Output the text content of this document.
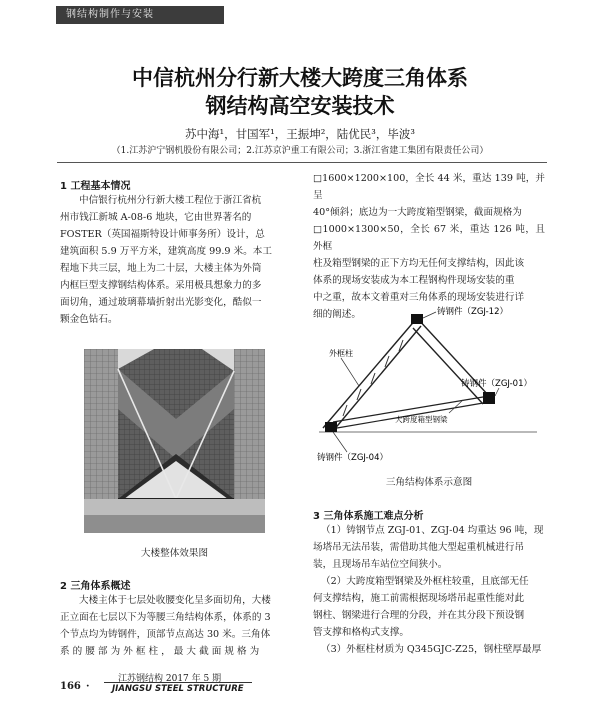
钢结构制作与安装
中信杭州分行新大楼大跨度三角体系
钢结构高空安装技术
苏中海¹，甘国军¹，王振坤²，陆优民³，毕波³
（1.江苏沪宁钢机股份有限公司；2.江苏京沪重工有限公司；3.浙江省建工集团有限责任公司）
1 工程基本情况
中信银行杭州分行新大楼工程位于浙江省杭
州市钱江新城 A-08-6 地块，它由世界著名的
FOSTER（英国福斯特设计师事务所）设计，总
建筑面积 5.9 万平方米，建筑高度 99.9 米。本工
程地下共三层，地上为二十层，大楼主体为外筒
内框巨型支撑钢结构体系。采用极具想象力的多
面切角，通过玻璃幕墙折射出光影变化，酷似一
颗金色钻石。
大楼整体效果图
2 三角体系概述
大楼主体于七层处收腰变化呈多面切角，大楼
正立面在七层以下为等腰三角结构体系，体系的 3
个节点均为铸钢件，顶部节点高达 30 米。三角体
系 的 腰 部 为 外 框 柱 ， 最 大 截 面 规 格 为
□1600×1200×100，全长 44 米，重达 139 吨，并呈
40°倾斜；底边为一大跨度箱型钢梁，截面规格为
□1000×1300×50，全长 67 米，重达 126 吨，且外框
柱及箱型钢梁的正下方均无任何支撑结构，因此该
体系的现场安装成为本工程钢构件现场安装的重
中之重，故本文着重对三角体系的现场安装进行详
细的阐述。	铸钢件（ZGJ-12）
外框柱
大跨度箱型钢梁
铸钢件（ZGJ-01）
铸钢件（ZGJ-04）
三角结构体系示意图
3 三角体系施工难点分析
（1）铸钢节点 ZGJ-01、ZGJ-04 均重达 96 吨，现
场塔吊无法吊装，需借助其他大型起重机械进行吊
装，且现场吊车站位空间狭小。
（2）大跨度箱型钢梁及外框柱较重，且底部无任
何支撑结构，施工前需根据现场塔吊起重性能对此
钢柱、钢梁进行合理的分段，并在其分段下预设钢
管支撑和格构式支撑。
（3）外框柱材质为 Q345GJC-Z25，钢柱壁厚最厚
166 ·
江苏钢结构 2017 年 5 期
JIANGSU STEEL STRUCTURE
